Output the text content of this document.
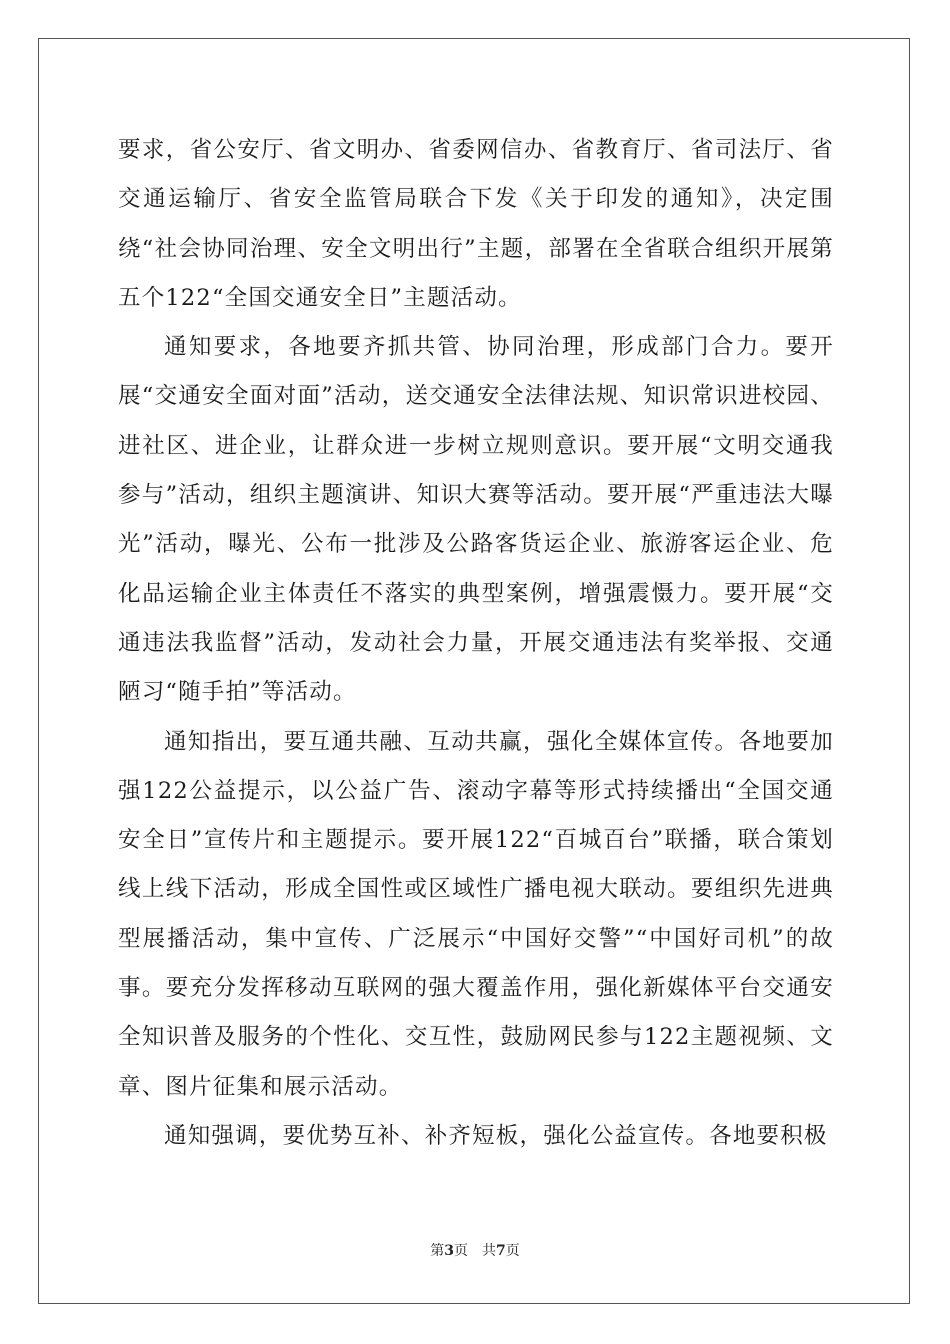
要求，省公安厅、省文明办、省委网信办、省教育厅、省司法厅、省交通运输厅、省安全监管局联合下发《关于印发的通知》，决定围绕“社会协同治理、安全文明出行”主题，部署在全省联合组织开展第五个122“全国交通安全日”主题活动。

通知要求，各地要齐抓共管、协同治理，形成部门合力。要开展“交通安全面对面”活动，送交通安全法律法规、知识常识进校园、进社区、进企业，让群众进一步树立规则意识。要开展“文明交通我参与”活动，组织主题演讲、知识大赛等活动。要开展“严重违法大曝光”活动，曝光、公布一批涉及公路客货运企业、旅游客运企业、危化品运输企业主体责任不落实的典型案例，增强震慑力。要开展“交通违法我监督”活动，发动社会力量，开展交通违法有奖举报、交通陋习“随手拍”等活动。

通知指出，要互通共融、互动共赢，强化全媒体宣传。各地要加强122公益提示，以公益广告、滚动字幕等形式持续播出“全国交通安全日”宣传片和主题提示。要开展122“百城百台”联播，联合策划线上线下活动，形成全国性或区域性广播电视大联动。要组织先进典型展播活动，集中宣传、广泛展示“中国好交警”“中国好司机”的故事。要充分发挥移动互联网的强大覆盖作用，强化新媒体平台交通安全知识普及服务的个性化、交互性，鼓励网民参与122主题视频、文章、图片征集和展示活动。

通知强调，要优势互补、补齐短板，强化公益宣传。各地要积极

第3页 共7页
